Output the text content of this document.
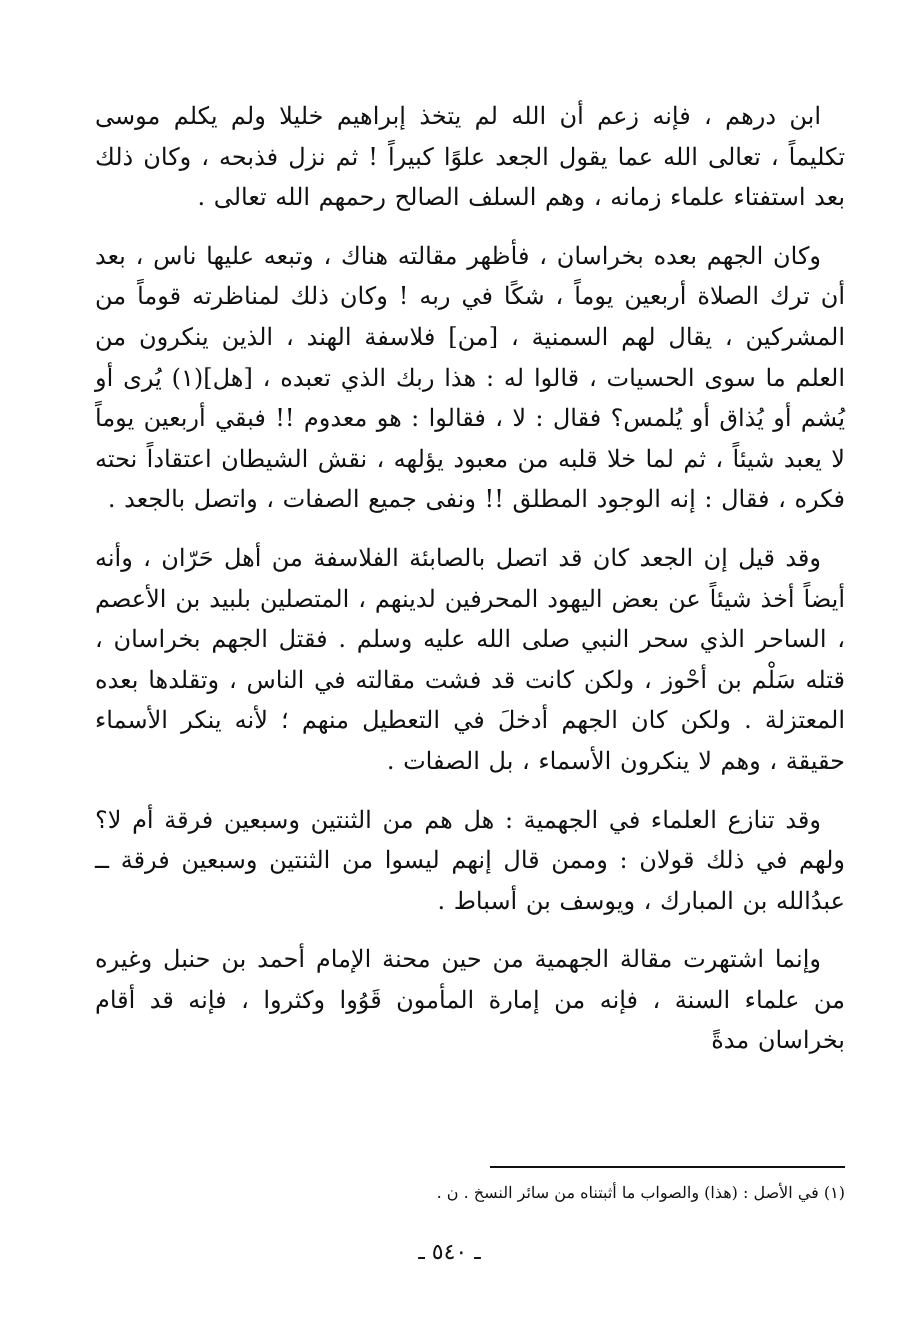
ابن درهم ، فإنه زعم أن الله لم يتخذ إبراهيم خليلا ولم يكلم موسى تكليماً ، تعالى الله عما يقول الجعد علوًا كبيراً ! ثم نزل فذبحه ، وكان ذلك بعد استفتاء علماء زمانه ، وهم السلف الصالح رحمهم الله تعالى .

وكان الجهم بعده بخراسان ، فأظهر مقالته هناك ، وتبعه عليها ناس ، بعد أن ترك الصلاة أربعين يوماً ، شكًا في ربه ! وكان ذلك لمناظرته قوماً من المشركين ، يقال لهم السمنية ، [من] فلاسفة الهند ، الذين ينكرون من العلم ما سوى الحسيات ، قالوا له : هذا ربك الذي تعبده ، [هل](١) يُرى أو يُشم أو يُذاق أو يُلمس؟ فقال : لا ، فقالوا : هو معدوم !! فبقي أربعين يوماً لا يعبد شيئاً ، ثم لما خلا قلبه من معبود يؤلهه ، نقش الشيطان اعتقاداً نحته فكره ، فقال : إنه الوجود المطلق !! ونفى جميع الصفات ، واتصل بالجعد .

وقد قيل إن الجعد كان قد اتصل بالصابئة الفلاسفة من أهل حَرّان ، وأنه أيضاً أخذ شيئاً عن بعض اليهود المحرفين لدينهم ، المتصلين بلبيد بن الأعصم ، الساحر الذي سحر النبي صلى الله عليه وسلم . فقتل الجهم بخراسان ، قتله سَلْم بن أحْوز ، ولكن كانت قد فشت مقالته في الناس ، وتقلدها بعده المعتزلة . ولكن كان الجهم أدخلَ في التعطيل منهم ؛ لأنه ينكر الأسماء حقيقة ، وهم لا ينكرون الأسماء ، بل الصفات .

وقد تنازع العلماء في الجهمية : هل هم من الثنتين وسبعين فرقة أم لا؟ ولهم في ذلك قولان : وممن قال إنهم ليسوا من الثنتين وسبعين فرقة ــ عبدُالله بن المبارك ، ويوسف بن أسباط .

وإنما اشتهرت مقالة الجهمية من حين محنة الإمام أحمد بن حنبل وغيره من علماء السنة ، فإنه من إمارة المأمون قَوُوا وكثروا ، فإنه قد أقام بخراسان مدةً

(١) في الأصل : (هذا) والصواب ما أثبتناه من سائر النسخ . ن .
ـ ٥٤٠ ـ
